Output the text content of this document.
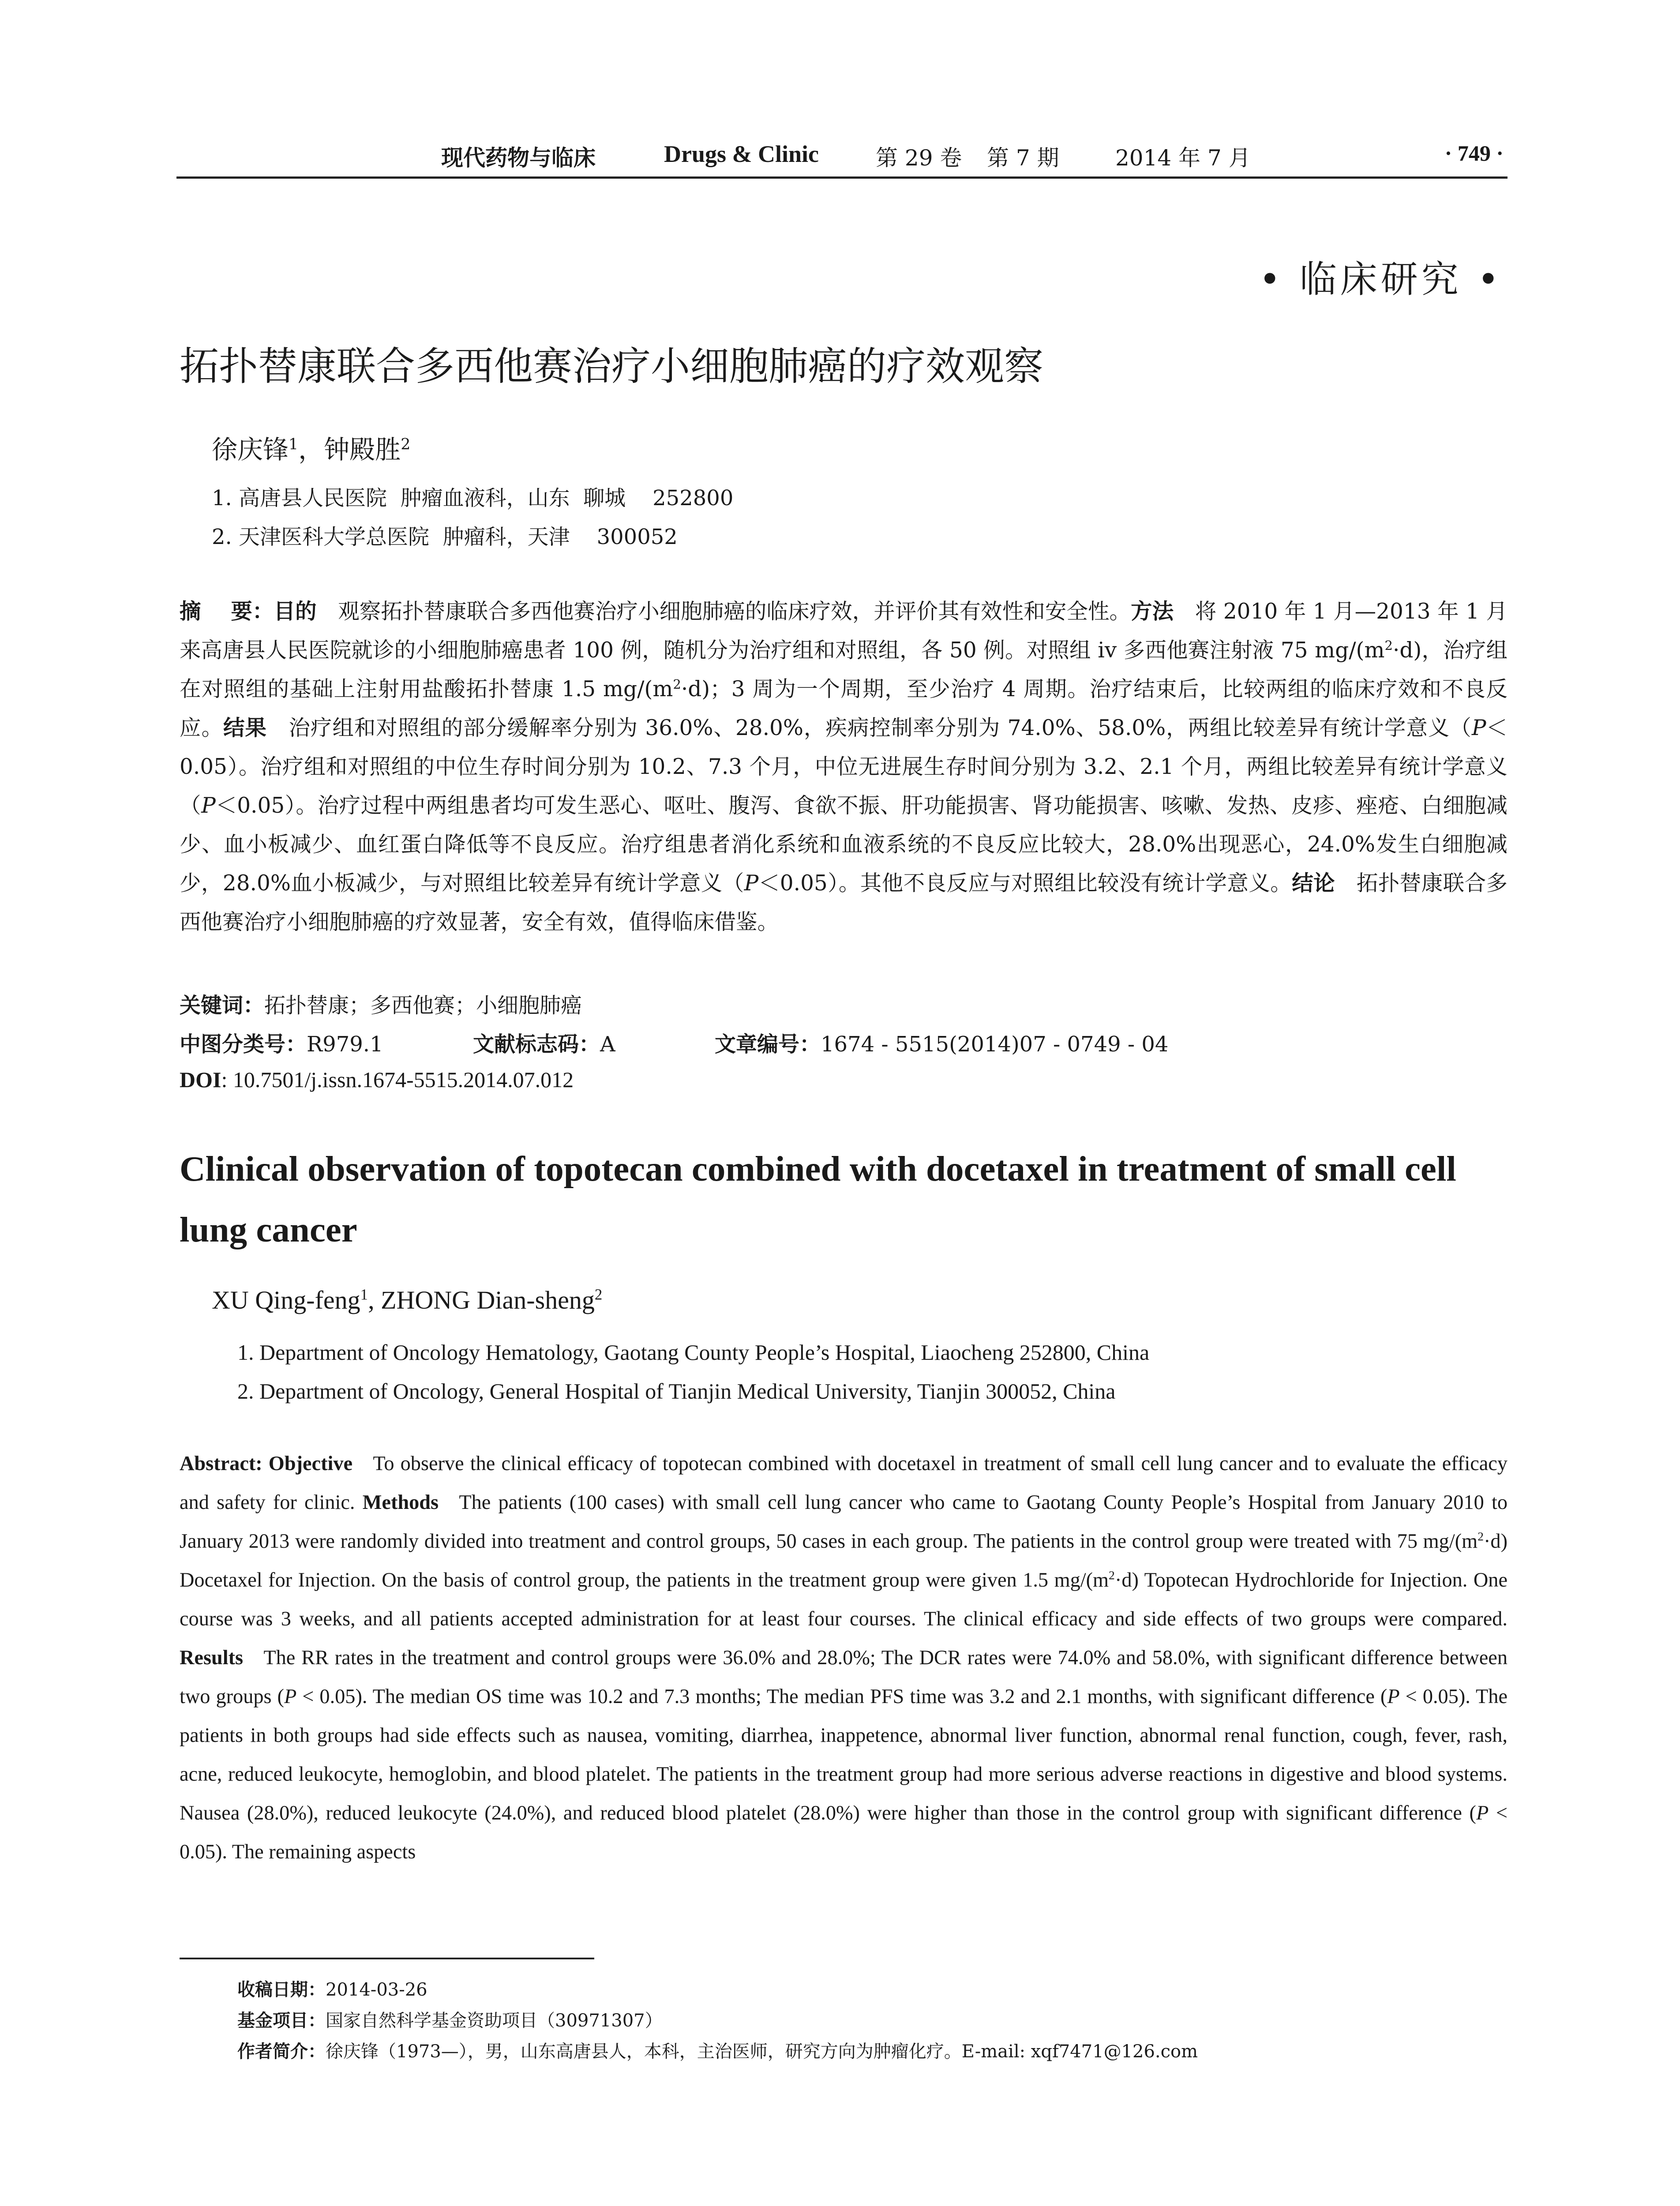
现代药物与临床	Drugs & Clinic	第 29 卷 第 7 期	2014 年 7 月	· 749 ·
• 临床研究 •
拓扑替康联合多西他赛治疗小细胞肺癌的疗效观察
徐庆锋$^1$，钟殿胜$^2$
1. 高唐县人民医院  肿瘤血液科，山东  聊城    252800
2. 天津医科大学总医院  肿瘤科，天津    300052
摘    要：目的  观察拓扑替康联合多西他赛治疗小细胞肺癌的临床疗效，并评价其有效性和安全性。方法  将 2010 年 1 月—2013 年 1 月来高唐县人民医院就诊的小细胞肺癌患者 100 例，随机分为治疗组和对照组，各 50 例。对照组 iv 多西他赛注射液 75 $mg/(m^2\cdot d)$，治疗组在对照组的基础上注射用盐酸拓扑替康 1.5 $mg/(m^2\cdot d)$；3 周为一个周期，至少治疗 4 周期。治疗结束后，比较两组的临床疗效和不良反应。结果  治疗组和对照组的部分缓解率分别为 36.0%、28.0%，疾病控制率分别为 74.0%、58.0%，两组比较差异有统计学意义（P＜0.05）。治疗组和对照组的中位生存时间分别为 10.2、7.3 个月，中位无进展生存时间分别为 3.2、2.1 个月，两组比较差异有统计学意义（P＜0.05）。治疗过程中两组患者均可发生恶心、呕吐、腹泻、食欲不振、肝功能损害、肾功能损害、咳嗽、发热、皮疹、痤疮、白细胞减少、血小板减少、血红蛋白降低等不良反应。治疗组患者消化系统和血液系统的不良反应比较大，28.0%出现恶心，24.0%发生白细胞减少，28.0%血小板减少，与对照组比较差异有统计学意义（P＜0.05）。其他不良反应与对照组比较没有统计学意义。结论  拓扑替康联合多西他赛治疗小细胞肺癌的疗效显著，安全有效，值得临床借鉴。
关键词：拓扑替康；多西他赛；小细胞肺癌
中图分类号：R979.1	文献标志码：A	文章编号：1674 - 5515(2014)07 - 0749 - 04
DOI: 10.7501/j.issn.1674-5515.2014.07.012
Clinical observation of topotecan combined with docetaxel in treatment of small cell lung cancer
XU Qing-feng$^1$, ZHONG Dian-sheng$^2$
1. Department of Oncology Hematology, Gaotang County People’s Hospital, Liaocheng 252800, China
2. Department of Oncology, General Hospital of Tianjin Medical University, Tianjin 300052, China
Abstract: Objective  To observe the clinical efficacy of topotecan combined with docetaxel in treatment of small cell lung cancer and to evaluate the efficacy and safety for clinic. Methods  The patients (100 cases) with small cell lung cancer who came to Gaotang County People’s Hospital from January 2010 to January 2013 were randomly divided into treatment and control groups, 50 cases in each group. The patients in the control group were treated with 75 $mg/(m^2\cdot d)$ Docetaxel for Injection. On the basis of control group, the patients in the treatment group were given 1.5 $mg/(m^2\cdot d)$ Topotecan Hydrochloride for Injection. One course was 3 weeks, and all patients accepted administration for at least four courses. The clinical efficacy and side effects of two groups were compared. Results  The RR rates in the treatment and control groups were 36.0% and 28.0%; The DCR rates were 74.0% and 58.0%, with significant difference between two groups (P < 0.05). The median OS time was 10.2 and 7.3 months; The median PFS time was 3.2 and 2.1 months, with significant difference (P < 0.05). The patients in both groups had side effects such as nausea, vomiting, diarrhea, inappetence, abnormal liver function, abnormal renal function, cough, fever, rash, acne, reduced leukocyte, hemoglobin, and blood platelet. The patients in the treatment group had more serious adverse reactions in digestive and blood systems. Nausea (28.0%), reduced leukocyte (24.0%), and reduced blood platelet (28.0%) were higher than those in the control group with significant difference (P < 0.05). The remaining aspects
收稿日期：2014-03-26
基金项目：国家自然科学基金资助项目（30971307）
作者简介：徐庆锋（1973—），男，山东高唐县人，本科，主治医师，研究方向为肿瘤化疗。E-mail: xqf7471@126.com
